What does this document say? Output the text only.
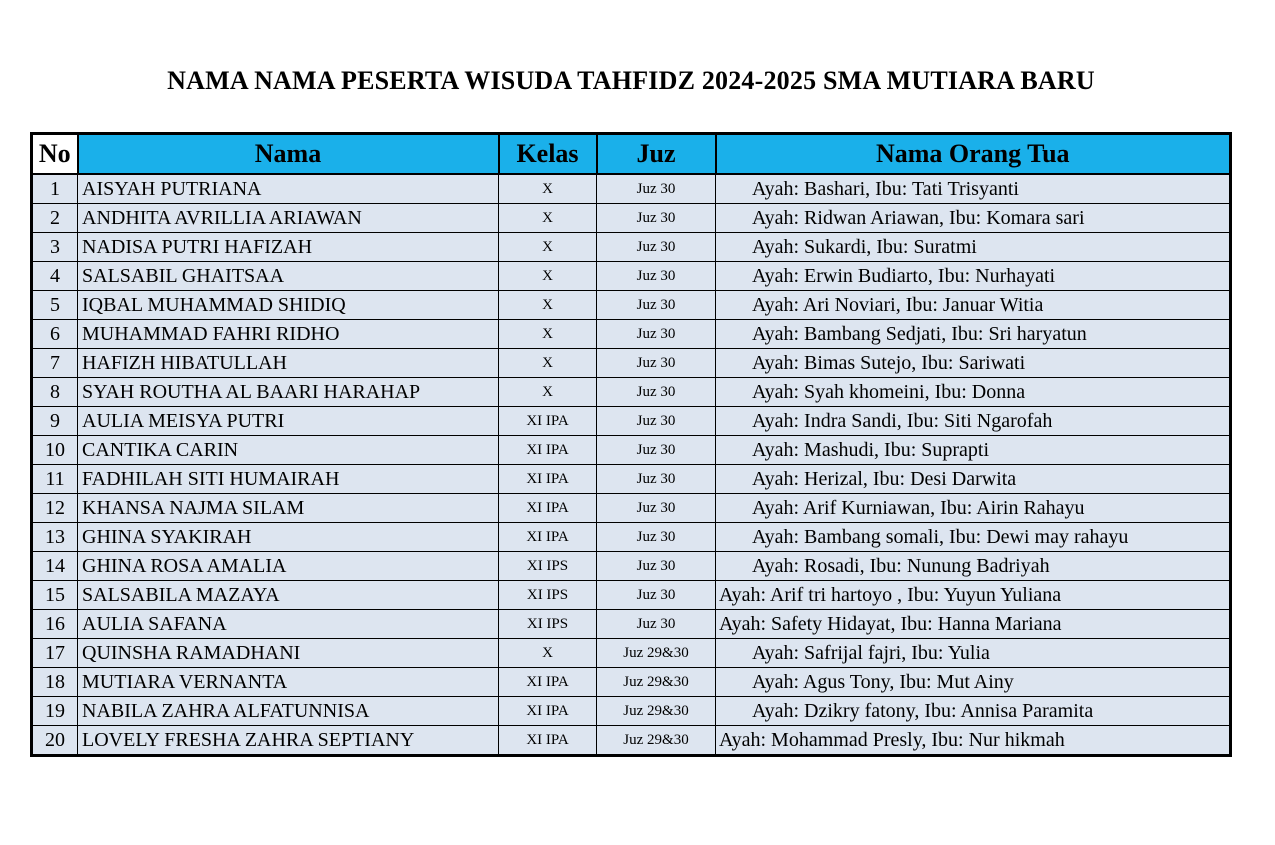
NAMA NAMA PESERTA WISUDA TAHFIDZ 2024-2025 SMA MUTIARA BARU
No	Nama	Kelas	Juz	Nama Orang Tua
1	AISYAH PUTRIANA	X	Juz 30	Ayah: Bashari, Ibu: Tati Trisyanti
2	ANDHITA AVRILLIA ARIAWAN	X	Juz 30	Ayah: Ridwan Ariawan, Ibu: Komara sari
3	NADISA PUTRI HAFIZAH	X	Juz 30	Ayah: Sukardi, Ibu: Suratmi
4	SALSABIL GHAITSAA	X	Juz 30	Ayah: Erwin Budiarto, Ibu: Nurhayati
5	IQBAL MUHAMMAD SHIDIQ	X	Juz 30	Ayah: Ari Noviari, Ibu: Januar Witia
6	MUHAMMAD FAHRI RIDHO	X	Juz 30	Ayah: Bambang Sedjati, Ibu: Sri haryatun
7	HAFIZH HIBATULLAH	X	Juz 30	Ayah: Bimas Sutejo, Ibu: Sariwati
8	SYAH ROUTHA AL BAARI HARAHAP	X	Juz 30	Ayah: Syah khomeini, Ibu: Donna
9	AULIA MEISYA PUTRI	XI IPA	Juz 30	Ayah: Indra Sandi, Ibu: Siti Ngarofah
10	CANTIKA CARIN	XI IPA	Juz 30	Ayah: Mashudi, Ibu: Suprapti
11	FADHILAH SITI HUMAIRAH	XI IPA	Juz 30	Ayah: Herizal, Ibu: Desi Darwita
12	KHANSA NAJMA SILAM	XI IPA	Juz 30	Ayah: Arif Kurniawan, Ibu: Airin Rahayu
13	GHINA SYAKIRAH	XI IPA	Juz 30	Ayah: Bambang somali, Ibu: Dewi may rahayu
14	GHINA ROSA AMALIA	XI IPS	Juz 30	Ayah: Rosadi, Ibu: Nunung Badriyah
15	SALSABILA MAZAYA	XI IPS	Juz 30	Ayah: Arif tri hartoyo , Ibu: Yuyun Yuliana
16	AULIA SAFANA	XI IPS	Juz 30	Ayah: Safety Hidayat, Ibu: Hanna Mariana
17	QUINSHA RAMADHANI	X	Juz 29&30	Ayah: Safrijal fajri, Ibu: Yulia
18	MUTIARA VERNANTA	XI IPA	Juz 29&30	Ayah: Agus Tony, Ibu: Mut Ainy
19	NABILA ZAHRA ALFATUNNISA	XI IPA	Juz 29&30	Ayah: Dzikry fatony, Ibu: Annisa Paramita
20	LOVELY FRESHA ZAHRA SEPTIANY	XI IPA	Juz 29&30	Ayah: Mohammad Presly, Ibu: Nur hikmah
